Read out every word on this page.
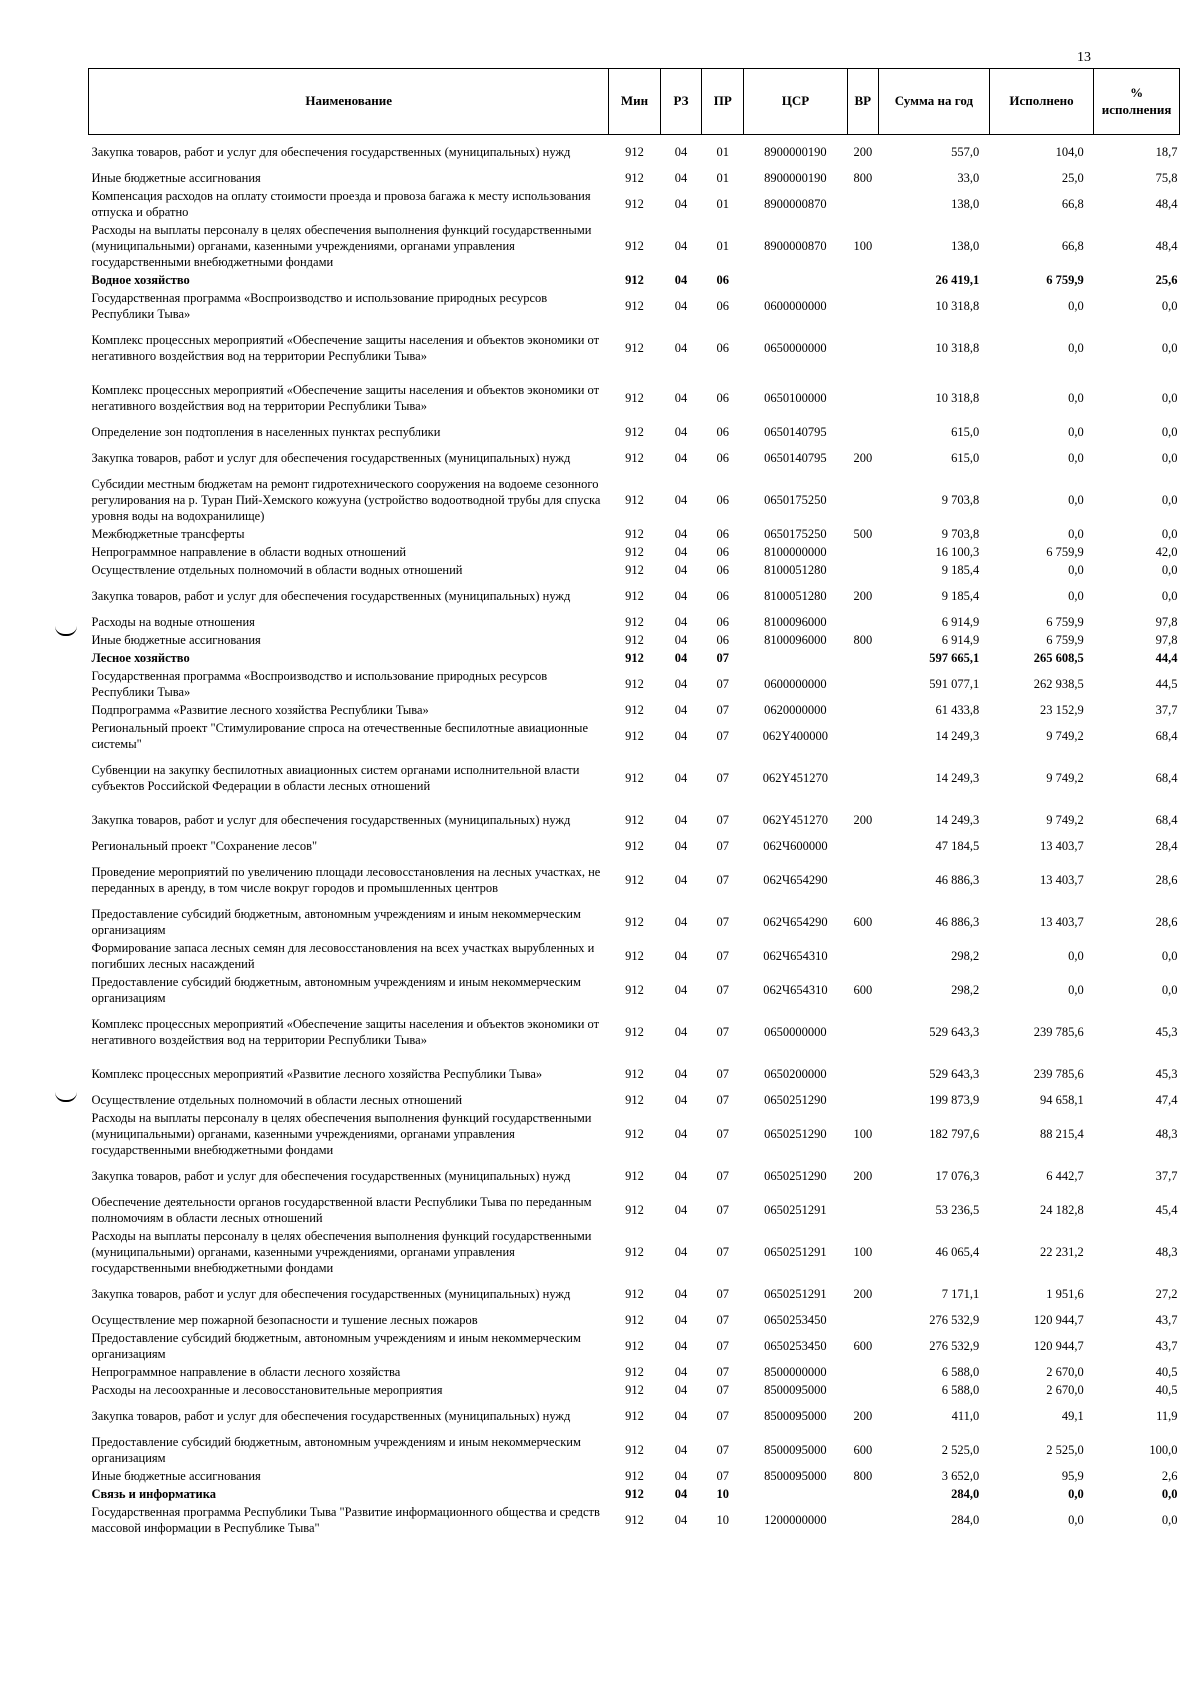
13
Наименование	Мин	РЗ	ПР	ЦСР	ВР	Сумма на год	Исполнено	% исполнения
Закупка товаров, работ и услуг для обеспечения государственных (муниципальных) нужд	912	04	01	8900000190	200	557,0	104,0	18,7
Иные бюджетные ассигнования	912	04	01	8900000190	800	33,0	25,0	75,8
Компенсация расходов на оплату стоимости проезда и провоза багажа к месту использования отпуска и обратно	912	04	01	8900000870		138,0	66,8	48,4
Расходы на выплаты персоналу в целях обеспечения выполнения функций государственными (муниципальными) органами, казенными учреждениями, органами управления государственными внебюджетными фондами	912	04	01	8900000870	100	138,0	66,8	48,4
Водное хозяйство	912	04	06			26 419,1	6 759,9	25,6
Государственная программа «Воспроизводство и использование природных ресурсов Республики Тыва»	912	04	06	0600000000		10 318,8	0,0	0,0
Комплекс процессных мероприятий «Обеспечение защиты населения и объектов экономики от негативного воздействия вод на территории Республики Тыва»	912	04	06	0650000000		10 318,8	0,0	0,0
Комплекс процессных мероприятий «Обеспечение защиты населения и объектов экономики от негативного воздействия вод на территории Республики Тыва»	912	04	06	0650100000		10 318,8	0,0	0,0
Определение зон подтопления в населенных пунктах республики	912	04	06	0650140795		615,0	0,0	0,0
Закупка товаров, работ и услуг для обеспечения государственных (муниципальных) нужд	912	04	06	0650140795	200	615,0	0,0	0,0
Субсидии местным бюджетам на ремонт гидротехнического сооружения на водоеме сезонного регулирования на р. Туран Пий-Хемского кожууна (устройство водоотводной трубы для спуска уровня воды на водохранилище)	912	04	06	0650175250		9 703,8	0,0	0,0
Межбюджетные трансферты	912	04	06	0650175250	500	9 703,8	0,0	0,0
Непрограммное направление в области водных отношений	912	04	06	8100000000		16 100,3	6 759,9	42,0
Осуществление отдельных полномочий в области водных отношений	912	04	06	8100051280		9 185,4	0,0	0,0
Закупка товаров, работ и услуг для обеспечения государственных (муниципальных) нужд	912	04	06	8100051280	200	9 185,4	0,0	0,0
Расходы на водные отношения	912	04	06	8100096000		6 914,9	6 759,9	97,8
Иные бюджетные ассигнования	912	04	06	8100096000	800	6 914,9	6 759,9	97,8
Лесное хозяйство	912	04	07			597 665,1	265 608,5	44,4
Государственная программа «Воспроизводство и использование природных ресурсов Республики Тыва»	912	04	07	0600000000		591 077,1	262 938,5	44,5
Подпрограмма «Развитие лесного хозяйства Республики Тыва»	912	04	07	0620000000		61 433,8	23 152,9	37,7
Региональный проект "Стимулирование спроса на отечественные беспилотные авиационные системы"	912	04	07	062Y400000		14 249,3	9 749,2	68,4
Субвенции на закупку беспилотных авиационных систем органами исполнительной власти субъектов Российской Федерации в области лесных отношений	912	04	07	062Y451270		14 249,3	9 749,2	68,4
Закупка товаров, работ и услуг для обеспечения государственных (муниципальных) нужд	912	04	07	062Y451270	200	14 249,3	9 749,2	68,4
Региональный проект "Сохранение лесов"	912	04	07	062Ч600000		47 184,5	13 403,7	28,4
Проведение мероприятий по увеличению площади лесовосстановления на лесных участках, не переданных в аренду, в том числе вокруг городов и промышленных центров	912	04	07	062Ч654290		46 886,3	13 403,7	28,6
Предоставление субсидий бюджетным, автономным учреждениям и иным некоммерческим организациям	912	04	07	062Ч654290	600	46 886,3	13 403,7	28,6
Формирование запаса лесных семян для лесовосстановления на всех участках вырубленных и погибших лесных насаждений	912	04	07	062Ч654310		298,2	0,0	0,0
Предоставление субсидий бюджетным, автономным учреждениям и иным некоммерческим организациям	912	04	07	062Ч654310	600	298,2	0,0	0,0
Комплекс процессных мероприятий «Обеспечение защиты населения и объектов экономики от негативного воздействия вод на территории Республики Тыва»	912	04	07	0650000000		529 643,3	239 785,6	45,3
Комплекс процессных мероприятий «Развитие лесного хозяйства Республики Тыва»	912	04	07	0650200000		529 643,3	239 785,6	45,3
Осуществление отдельных полномочий в области лесных отношений	912	04	07	0650251290		199 873,9	94 658,1	47,4
Расходы на выплаты персоналу в целях обеспечения выполнения функций государственными (муниципальными) органами, казенными учреждениями, органами управления государственными внебюджетными фондами	912	04	07	0650251290	100	182 797,6	88 215,4	48,3
Закупка товаров, работ и услуг для обеспечения государственных (муниципальных) нужд	912	04	07	0650251290	200	17 076,3	6 442,7	37,7
Обеспечение деятельности органов государственной власти Республики Тыва по переданным полномочиям в области лесных отношений	912	04	07	0650251291		53 236,5	24 182,8	45,4
Расходы на выплаты персоналу в целях обеспечения выполнения функций государственными (муниципальными) органами, казенными учреждениями, органами управления государственными внебюджетными фондами	912	04	07	0650251291	100	46 065,4	22 231,2	48,3
Закупка товаров, работ и услуг для обеспечения государственных (муниципальных) нужд	912	04	07	0650251291	200	7 171,1	1 951,6	27,2
Осуществление мер пожарной безопасности и тушение лесных пожаров	912	04	07	0650253450		276 532,9	120 944,7	43,7
Предоставление субсидий бюджетным, автономным учреждениям и иным некоммерческим организациям	912	04	07	0650253450	600	276 532,9	120 944,7	43,7
Непрограммное направление в области лесного хозяйства	912	04	07	8500000000		6 588,0	2 670,0	40,5
Расходы на лесоохранные и лесовосстановительные мероприятия	912	04	07	8500095000		6 588,0	2 670,0	40,5
Закупка товаров, работ и услуг для обеспечения государственных (муниципальных) нужд	912	04	07	8500095000	200	411,0	49,1	11,9
Предоставление субсидий бюджетным, автономным учреждениям и иным некоммерческим организациям	912	04	07	8500095000	600	2 525,0	2 525,0	100,0
Иные бюджетные ассигнования	912	04	07	8500095000	800	3 652,0	95,9	2,6
Связь и информатика	912	04	10			284,0	0,0	0,0
Государственная программа Республики Тыва "Развитие информационного общества и средств массовой информации в Республике Тыва"	912	04	10	1200000000		284,0	0,0	0,0
